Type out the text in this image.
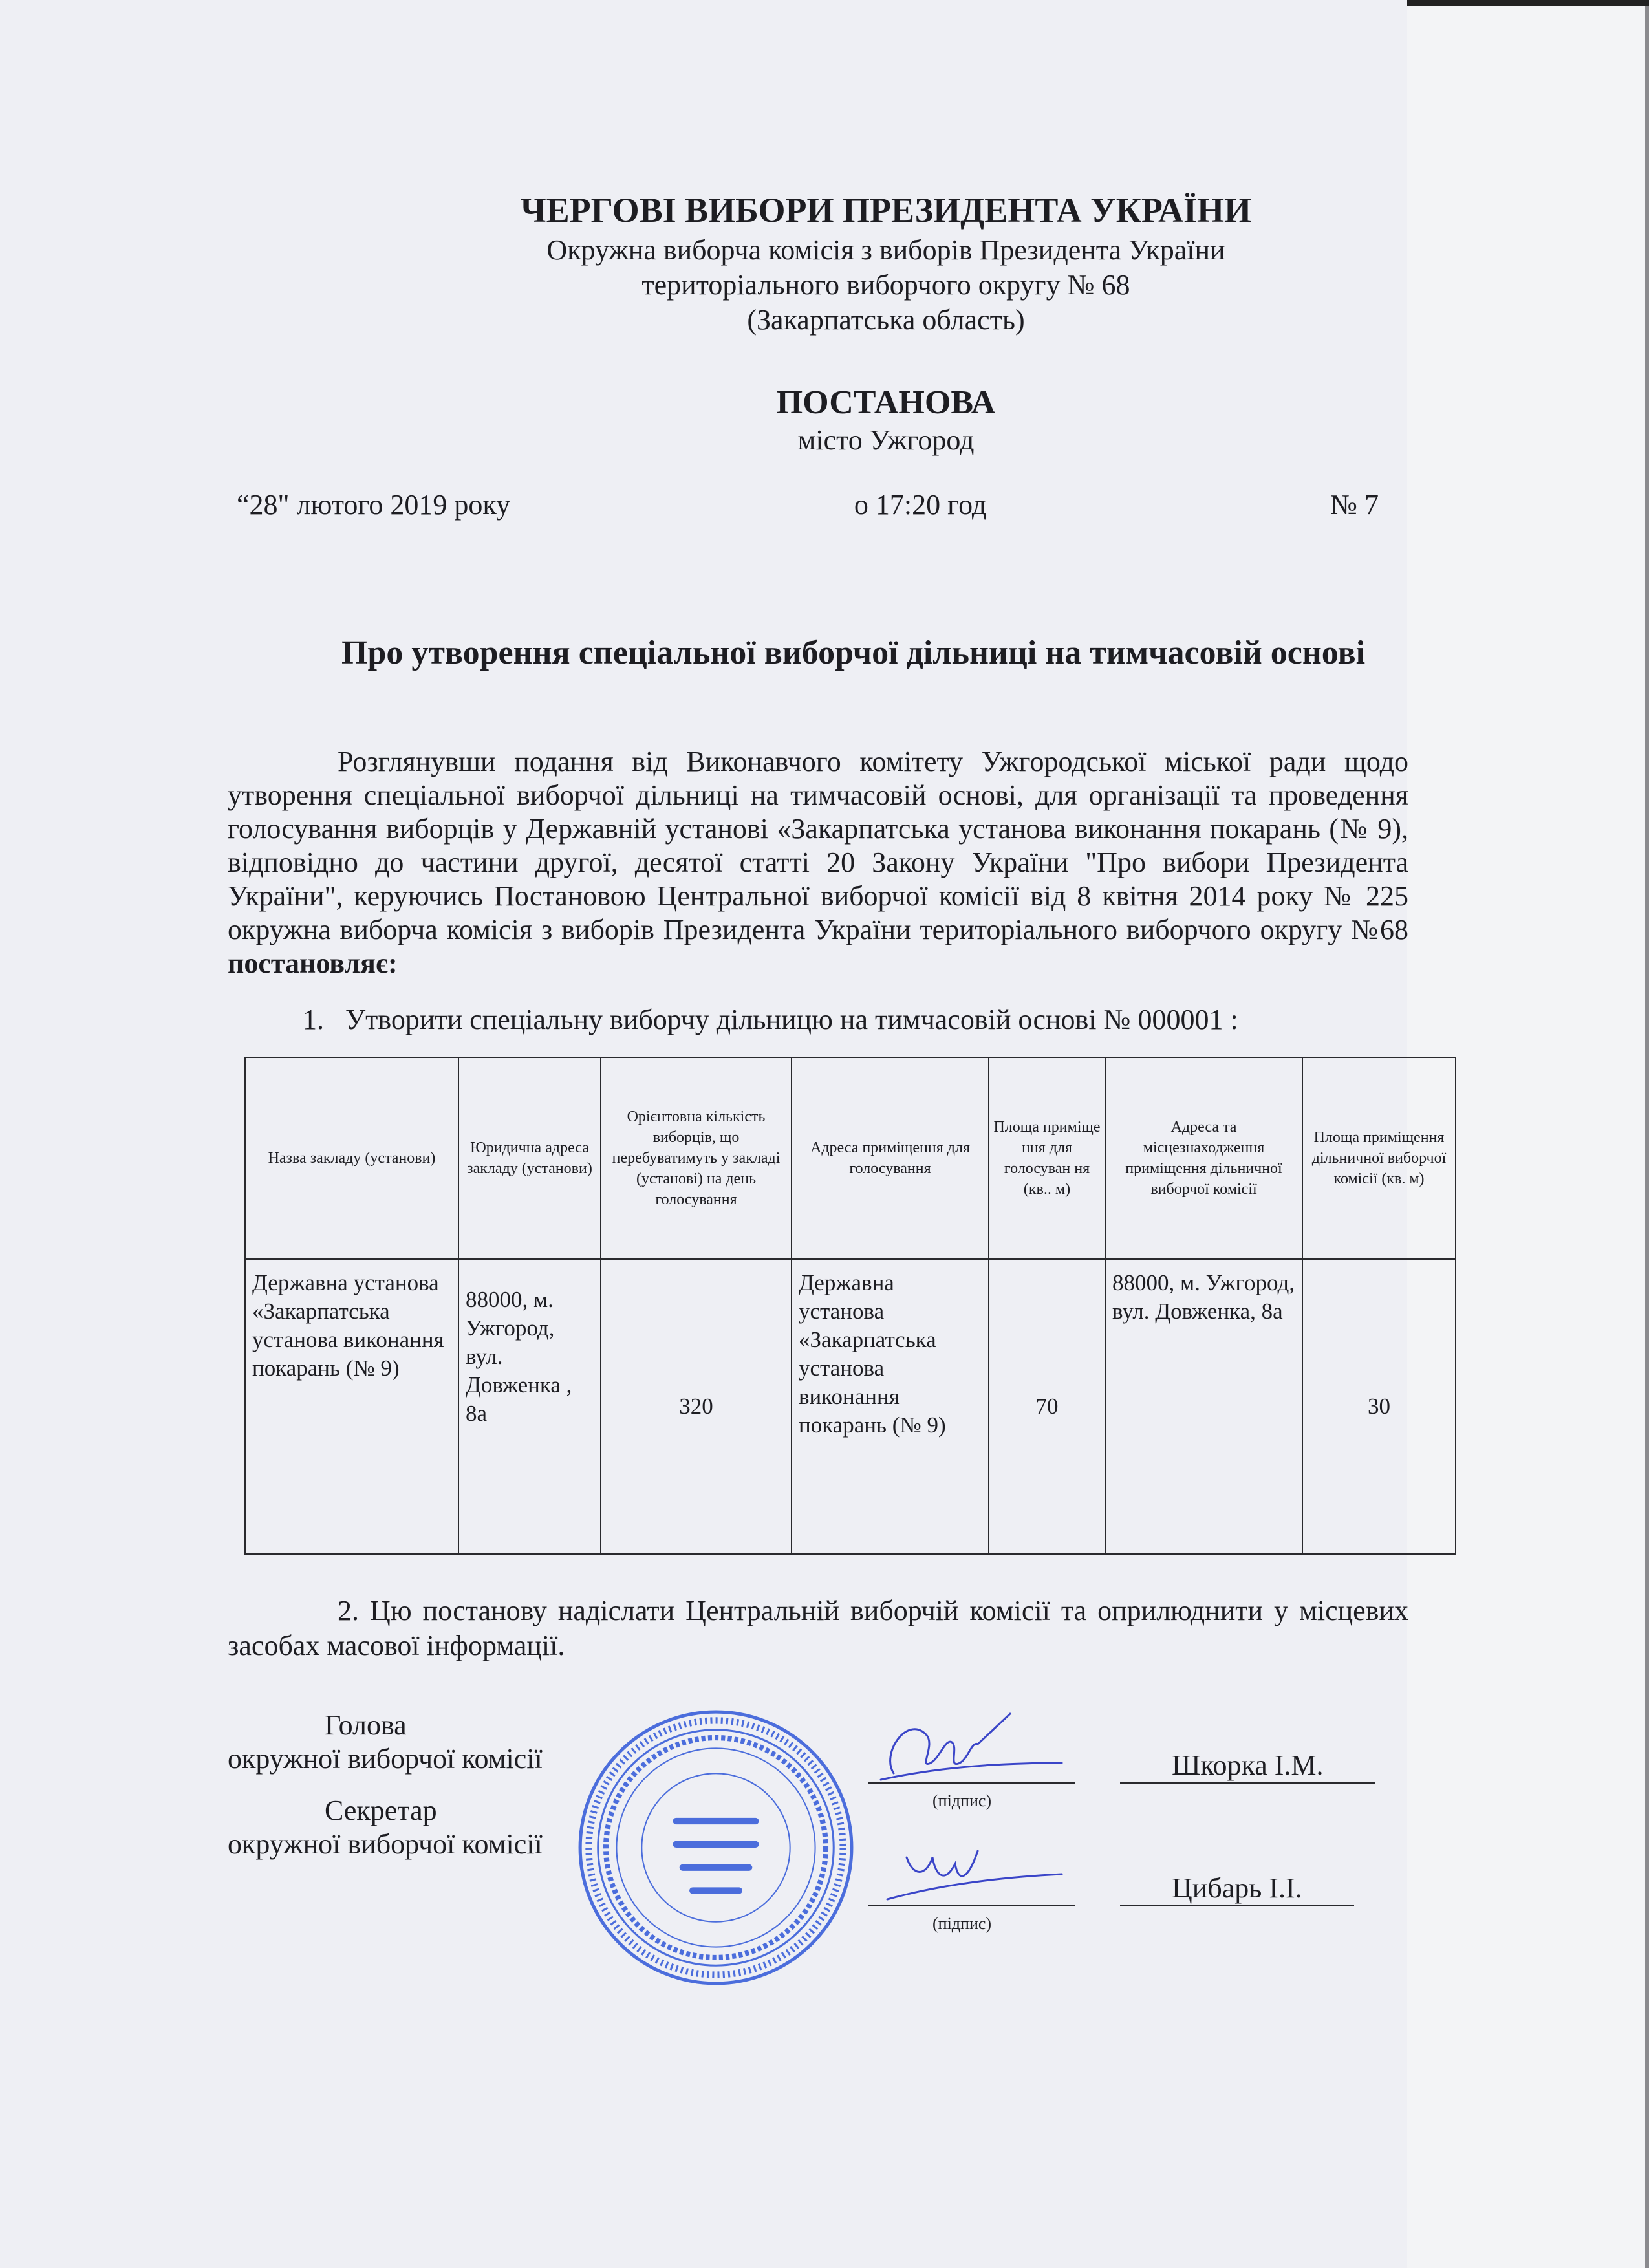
ЧЕРГОВІ ВИБОРИ ПРЕЗИДЕНТА УКРАЇНИ
Окружна виборча комісія з виборів Президента України
територіального виборчого округу № 68
(Закарпатська область)
ПОСТАНОВА
місто Ужгород
“28" лютого 2019 року	о 17:20 год	№ 7
Про утворення спеціальної виборчої дільниці на тимчасовій основі
Розглянувши подання від Виконавчого комітету Ужгородської міської ради щодо утворення спеціальної виборчої дільниці на тимчасовій основі, для організації та проведення голосування виборців у Державній установі «Закарпатська установа виконання покарань (№ 9), відповідно до частини другої, десятої статті 20 Закону України "Про вибори Президента України", керуючись Постановою Центральної виборчої комісії від 8 квітня 2014 року № 225 окружна виборча комісія з виборів Президента України територіального виборчого округу №68 постановляє:
1. Утворити спеціальну виборчу дільницю на тимчасовій основі № 000001 :
Назва закладу (установи)	Юридична адреса закладу (установи)	Орієнтовна кількість виборців, що перебуватимуть у закладі (установі) на день голосування	Адреса приміщення для голосування	Площа приміще ння для голосуван ня (кв.. м)	Адреса та місцезнаходження приміщення дільничної виборчої комісії	Площа приміщення дільничної виборчої комісії (кв. м)
Державна установа «Закарпатська установа виконання покарань (№ 9)	88000, м. Ужгород, вул. Довженка , 8а	320	Державна установа «Закарпатська установа виконання покарань (№ 9)	70	88000, м. Ужгород, вул. Довженка, 8а	30
2. Цю постанову надіслати Центральній виборчій комісії та оприлюднити у місцевих засобах масової інформації.
Голова
окружної виборчої комісії
Секретар
окружної виборчої комісії
(підпис)
(підпис)
Шкорка І.М.
Цибарь І.І.
